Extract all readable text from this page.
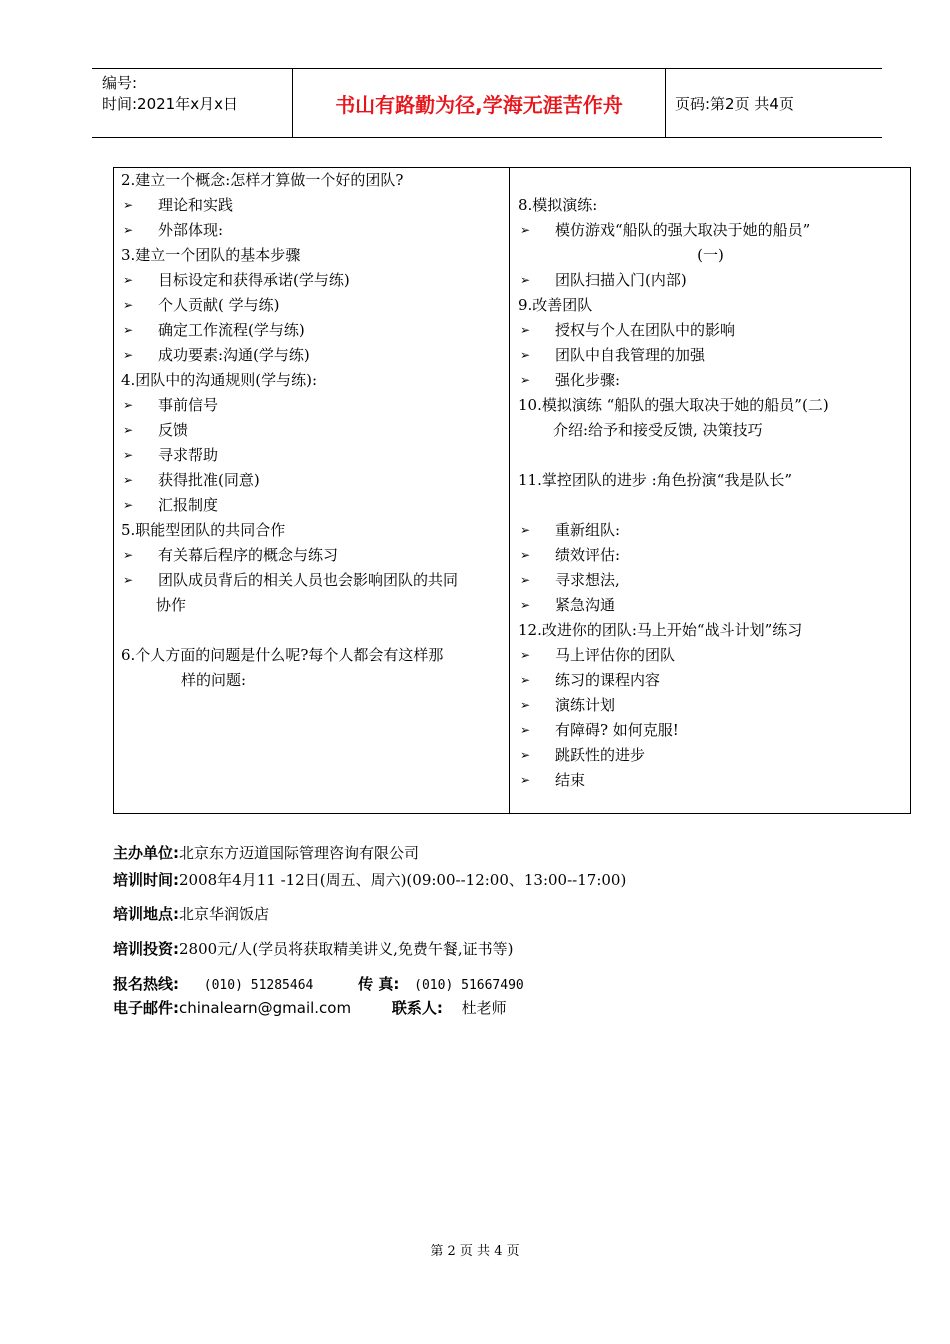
编号:
时间:2021年x月x日	书山有路勤为径,学海无涯苦作舟	页码:第2页 共4页
2.建立一个概念:怎样才算做一个好的团队?
➢	理论和实践
➢	外部体现:
3.建立一个团队的基本步骤
➢	目标设定和获得承诺(学与练)
➢	个人贡献( 学与练)
➢	确定工作流程(学与练)
➢	成功要素:沟通(学与练)
4.团队中的沟通规则(学与练):
➢	事前信号
➢	反馈
➢	寻求帮助
➢	获得批准(同意)
➢	汇报制度
5.职能型团队的共同合作
➢	有关幕后程序的概念与练习
➢	团队成员背后的相关人员也会影响团队的共同
协作
6.个人方面的问题是什么呢?每个人都会有这样那
样的问题:
8.模拟演练:
➢	模仿游戏“船队的强大取决于她的船员”
(一)
➢	团队扫描入门(内部)
9.改善团队
➢	授权与个人在团队中的影响
➢	团队中自我管理的加强
➢	强化步骤:
10.模拟演练 “船队的强大取决于她的船员”(二)
介绍:给予和接受反馈, 决策技巧
11.掌控团队的进步 :角色扮演“我是队长”
➢	重新组队:
➢	绩效评估:
➢	寻求想法,
➢	紧急沟通
12.改进你的团队:马上开始“战斗计划”练习
➢	马上评估你的团队
➢	练习的课程内容
➢	演练计划
➢	有障碍? 如何克服!
➢	跳跃性的进步
➢	结束
主办单位:北京东方迈道国际管理咨询有限公司
培训时间:2008年4月11 -12日(周五、周六)(09:00--12:00、13:00--17:00)
培训地点:北京华润饭店
培训投资:2800元/人(学员将获取精美讲义,免费午餐,证书等)
报名热线: (010) 51285464	传 真: (010) 51667490
电子邮件:chinalearn@gmail.com	联系人: 杜老师
第 2 页 共 4 页
